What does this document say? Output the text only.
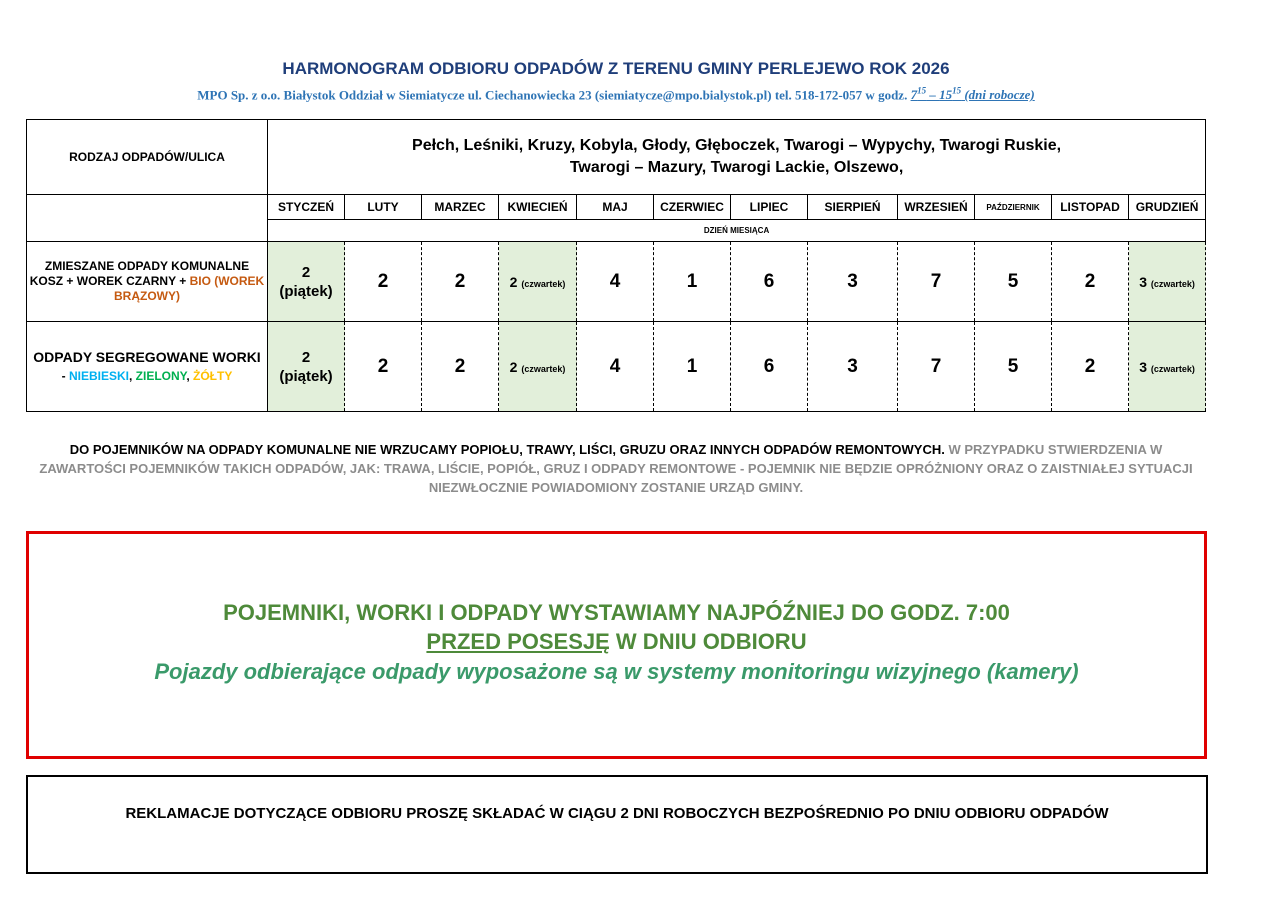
HARMONOGRAM ODBIORU ODPADÓW Z TERENU GMINY PERLEJEWO ROK 2026
MPO Sp. z o.o. Białystok Oddział w Siemiatycze ul. Ciechanowiecka 23 (siemiatycze@mpo.bialystok.pl) tel. 518-172-057 w godz. $7^{15} - 15^{15}$ (dni robocze)
RODZAJ ODPADÓW/ULICA	Pełch, Leśniki, Kruzy, Kobyla, Głody, Głęboczek, Twarogi – Wypychy, Twarogi Ruskie,
Twarogi – Mazury, Twarogi Lackie, Olszewo,											
	STYCZEŃ	LUTY	MARZEC	KWIECIEŃ	MAJ	CZERWIEC	LIPIEC	SIERPIEŃ	WRZESIEŃ	PAŹDZIERNIK	LISTOPAD	GRUDZIEŃ
	DZIEŃ MIESIĄCA											
ZMIESZANE ODPADY KOMUNALNE KOSZ + WOREK CZARNY + BIO (WOREK BRĄZOWY)	2
(piątek)	2	2	2 (czwartek)	4	1	6	3	7	5	2	3 (czwartek)
ODPADY SEGREGOWANE WORKI
- NIEBIESKI, ZIELONY, ŻÓŁTY	2
(piątek)	2	2	2 (czwartek)	4	1	6	3	7	5	2	3 (czwartek)
DO POJEMNIKÓW NA ODPADY KOMUNALNE NIE WRZUCAMY POPIOŁU, TRAWY, LIŚCI, GRUZU ORAZ INNYCH ODPADÓW REMONTOWYCH. W PRZYPADKU STWIERDZENIA W ZAWARTOŚCI POJEMNIKÓW TAKICH ODPADÓW, JAK: TRAWA, LIŚCIE, POPIÓŁ, GRUZ I ODPADY REMONTOWE - POJEMNIK NIE BĘDZIE OPRÓŻNIONY ORAZ O ZAISTNIAŁEJ SYTUACJI NIEZWŁOCZNIE POWIADOMIONY ZOSTANIE URZĄD GMINY.
POJEMNIKI, WORKI I ODPADY WYSTAWIAMY NAJPÓŹNIEJ DO GODZ. 7:00
PRZED POSESJĘ W DNIU ODBIORU
Pojazdy odbierające odpady wyposażone są w systemy monitoringu wizyjnego (kamery)
REKLAMACJE DOTYCZĄCE ODBIORU PROSZĘ SKŁADAĆ W CIĄGU 2 DNI ROBOCZYCH BEZPOŚREDNIO PO DNIU ODBIORU ODPADÓW
